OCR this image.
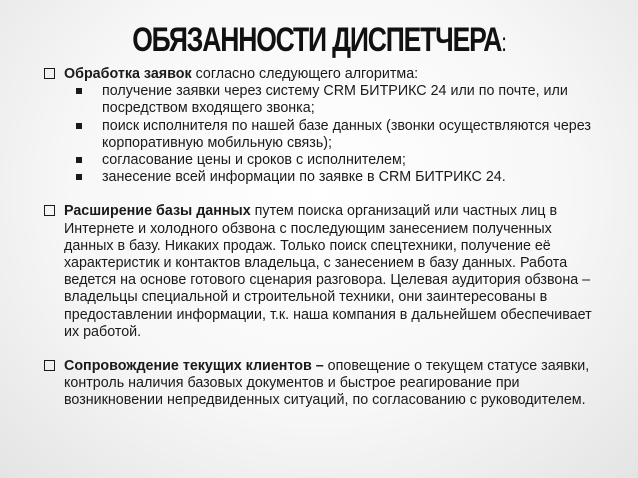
ОБЯЗАННОСТИ ДИСПЕТЧЕРА:
Обработка заявок согласно следующего алгоритма:
получение заявки через систему CRM БИТРИКС 24 или по почте, или посредством входящего звонка;
поиск исполнителя по нашей базе данных (звонки осуществляются через корпоративную мобильную связь);
согласование цены и сроков с исполнителем;
занесение всей информации по заявке в CRM БИТРИКС 24.
Расширение базы данных путем поиска организаций или частных лиц в Интернете и холодного обзвона с последующим занесением полученных данных в базу. Никаких продаж. Только поиск спецтехники, получение её характеристик и контактов владельца, с занесением в базу данных. Работа ведется на основе готового сценария разговора. Целевая аудитория обзвона – владельцы специальной и строительной техники, они заинтересованы в предоставлении информации, т.к. наша компания в дальнейшем обеспечивает их работой.
Сопровождение текущих клиентов – оповещение о текущем статусе заявки, контроль наличия базовых документов и быстрое реагирование при возникновении непредвиденных ситуаций, по согласованию с руководителем.
